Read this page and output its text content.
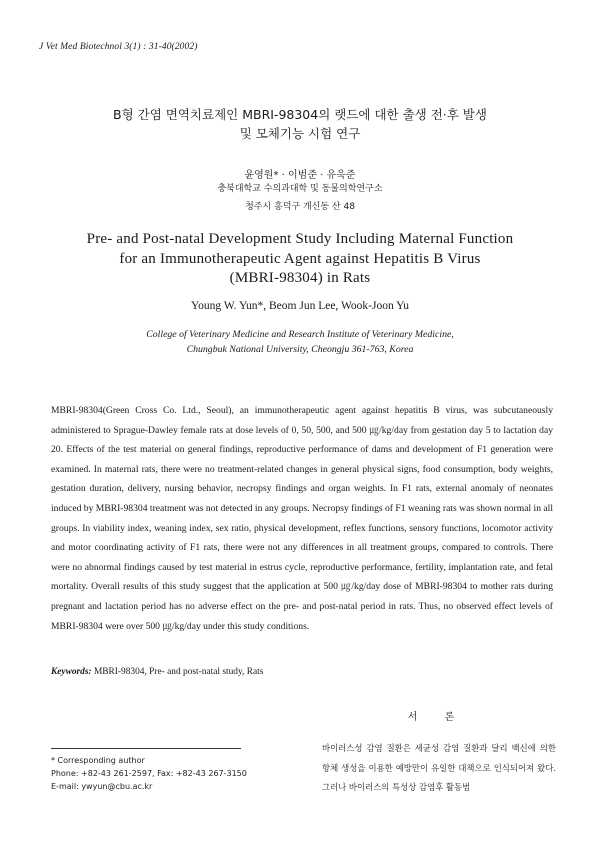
J Vet Med Biotechnol 3(1) : 31-40(2002)
B형 간염 면역치료제인 MBRI-98304의 랫드에 대한 출생 전·후 발생
및 모체기능 시험 연구
윤영원* · 이범준 · 유욱준
충북대학교 수의과대학 및 동물의학연구소
청주시 흥덕구 개신동 산 48
Pre- and Post-natal Development Study Including Maternal Function
for an Immunotherapeutic Agent against Hepatitis B Virus
(MBRI-98304) in Rats
Young W. Yun*, Beom Jun Lee, Wook-Joon Yu
College of Veterinary Medicine and Research Institute of Veterinary Medicine,
Chungbuk National University, Cheongju 361-763, Korea
MBRI-98304(Green Cross Co. Ltd., Seoul), an immunotherapeutic agent against hepatitis B virus, was subcutaneously administered to Sprague-Dawley female rats at dose levels of 0, 50, 500, and 500 ㎍/kg/day from gestation day 5 to lactation day 20. Effects of the test material on general findings, reproductive performance of dams and development of F1 generation were examined. In maternal rats, there were no treatment-related changes in general physical signs, food consumption, body weights, gestation duration, delivery, nursing behavior, necropsy findings and organ weights. In F1 rats, external anomaly of neonates induced by MBRI-98304 treatment was not detected in any groups. Necropsy findings of F1 weaning rats was shown normal in all groups. In viability index, weaning index, sex ratio, physical development, reflex functions, sensory functions, locomotor activity and motor coordinating activity of F1 rats, there were not any differences in all treatment groups, compared to controls. There were no abnormal findings caused by test material in estrus cycle, reproductive performance, fertility, implantation rate, and fetal mortality. Overall results of this study suggest that the application at 500 ㎍/kg/day dose of MBRI-98304 to mother rats during pregnant and lactation period has no adverse effect on the pre- and post-natal period in rats. Thus, no observed effect levels of MBRI-98304 were over 500 ㎍/kg/day under this study conditions.
Keywords: MBRI-98304, Pre- and post-natal study, Rats
서 론
바이러스성 감염 질환은 세균성 감염 질환과 달리 백신에 의한 항체 생성을 이용한 예방만이 유일한 대책으로 인식되어져 왔다. 그러나 바이러스의 특성상 감염후 활동범
* Corresponding author
Phone: +82-43 261-2597, Fax: +82-43 267-3150
E-mail: ywyun@cbu.ac.kr
